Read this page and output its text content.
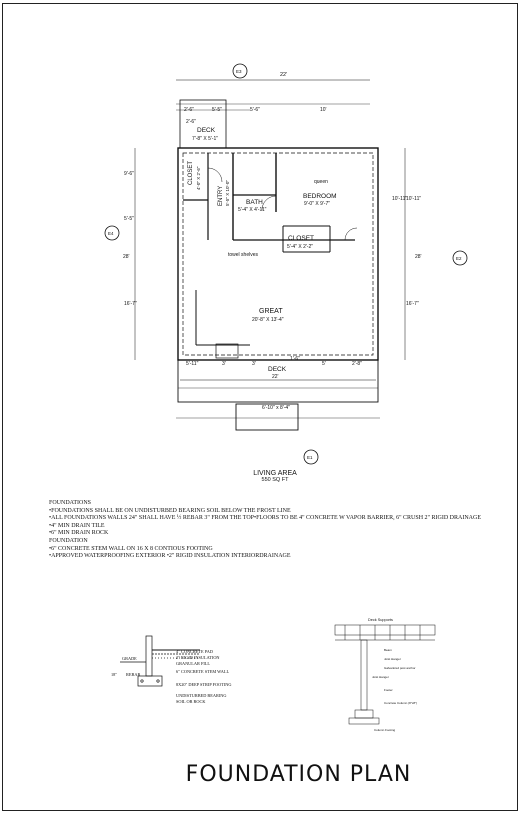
22'
28'	28'
22'
2'-6"	5'-5"	5'-6"	10'
2'-6"
9'-6"
5'-5"
16'-7"
10'-11"
10'-11"
16'-7"
5'-11"	3'	3'
1'-6"
5'	2'-8"
DECK
7'-8" X 5'-1"
CLOSET 4'-0" X 2'-6"
ENTRY 5'-5" X 10'-0" BATH
5'-4" X 4'-11"
queen
BEDROOM
9'-0" X 9'-7"
CLOSET
5'-4" X 2'-2"
towel shelves
GREAT
20'-8" X 13'-4"
DECK
6'-10" x 8'-4"
E3
E4
E2
E1
4" CONCRETE PAD
2" RIGID INSULATION
GRANULAR FILL
6" CONCRETE STEM WALL
8X20" DEEP STRIP FOOTING
UNDISTURBED BEARING
SOIL OR ROCK
GRADE
REBAR
18"
Deck Supports
Beam
Joist Hanger
Galvanized post anchor
Joist Hanger
Footer
Concrete Column (8"x8")
Column Footing
LIVING AREA
550 SQ FT
FOUNDATIONS
•FOUNDATIONS SHALL BE ON UNDISTURBED BEARING SOIL BELOW THE FROST LINE
•ALL FOUNDATIONS WALLS 24" SHALL HAVE ½ REBAR 3" FROM THE TOP•FLOORS TO BE 4" CONCRETE W VAPOR BARRIER, 6" CRUSH 2" RIGID DRAINAGE
•4" MIN DRAIN TILE
•6" MIN DRAIN ROCK
FOUNDATION
•6" CONCRETE STEM WALL ON 16 X 8 CONTIOUS FOOTING
•APPROVED WATERPROOFING EXTERIOR •2" RIGID INSULATION INTERIORDRAINAGE
FOUNDATION PLAN
